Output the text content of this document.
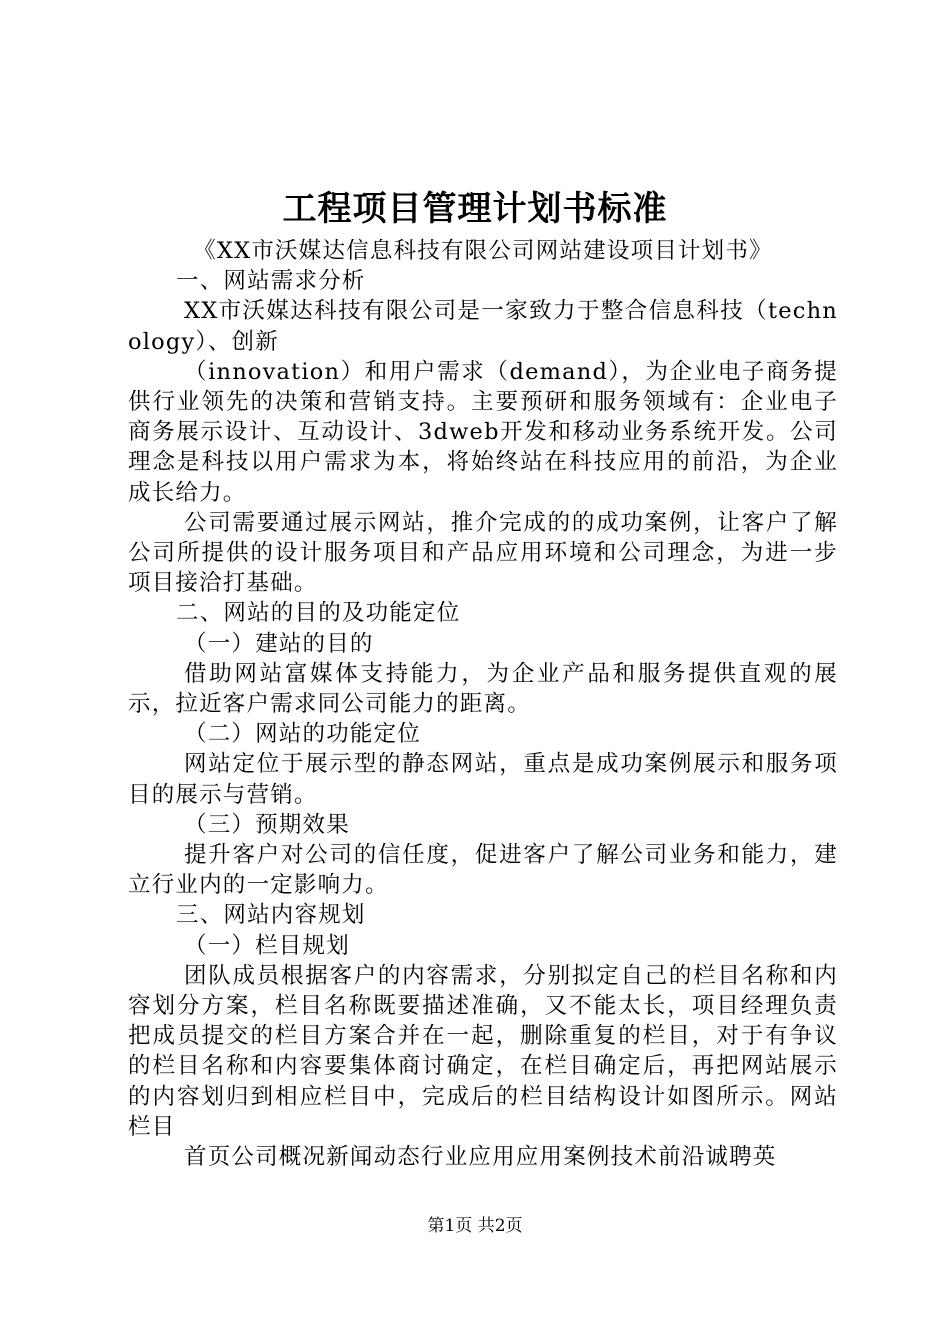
工程项目管理计划书标准

《XX市沃媒达信息科技有限公司网站建设项目计划书》

一、网站需求分析

XX市沃媒达科技有限公司是一家致力于整合信息科技（technology）、创新

（innovation）和用户需求（demand），为企业电子商务提供行业领先的决策和营销支持。主要预研和服务领域有：企业电子商务展示设计、互动设计、3dweb开发和移动业务系统开发。公司理念是科技以用户需求为本，将始终站在科技应用的前沿，为企业成长给力。

公司需要通过展示网站，推介完成的的成功案例，让客户了解公司所提供的设计服务项目和产品应用环境和公司理念，为进一步项目接洽打基础。

二、网站的目的及功能定位

（一）建站的目的

借助网站富媒体支持能力，为企业产品和服务提供直观的展示，拉近客户需求同公司能力的距离。

（二）网站的功能定位

网站定位于展示型的静态网站，重点是成功案例展示和服务项目的展示与营销。

（三）预期效果

提升客户对公司的信任度，促进客户了解公司业务和能力，建立行业内的一定影响力。

三、网站内容规划

（一）栏目规划

团队成员根据客户的内容需求，分别拟定自己的栏目名称和内容划分方案，栏目名称既要描述准确，又不能太长，项目经理负责把成员提交的栏目方案合并在一起，删除重复的栏目，对于有争议的栏目名称和内容要集体商讨确定，在栏目确定后，再把网站展示的内容划归到相应栏目中，完成后的栏目结构设计如图所示。网站栏目

首页公司概况新闻动态行业应用应用案例技术前沿诚聘英

第1页 共2页
